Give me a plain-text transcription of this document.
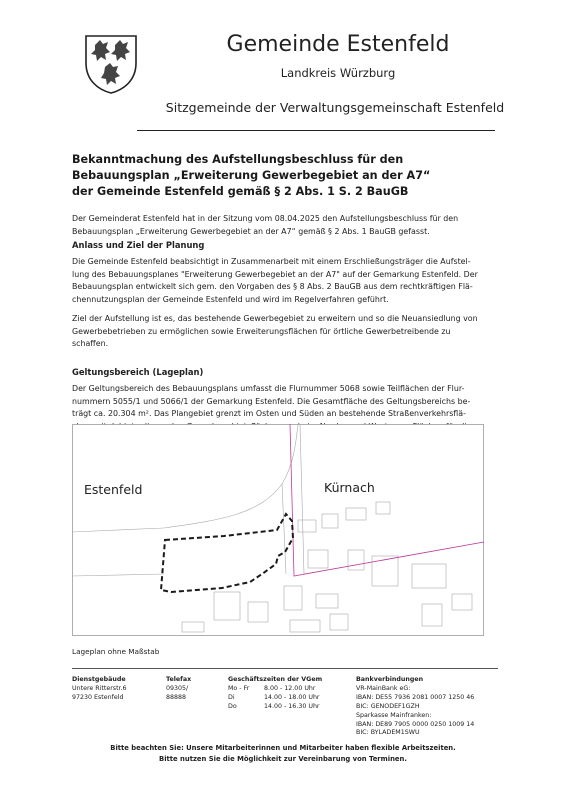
Gemeinde Estenfeld
Landkreis Würzburg
Sitzgemeinde der Verwaltungsgemeinschaft Estenfeld
Bekanntmachung des Aufstellungsbeschluss für den
Bebauungsplan „Erweiterung Gewerbegebiet an der A7“
der Gemeinde Estenfeld gemäß § 2 Abs. 1 S. 2 BauGB
Der Gemeinderat Estenfeld hat in der Sitzung vom 08.04.2025 den Aufstellungsbeschluss für den
Bebauungsplan „Erweiterung Gewerbegebiet an der A7“ gemäß § 2 Abs. 1 BauGB gefasst.
Anlass und Ziel der Planung
Die Gemeinde Estenfeld beabsichtigt in Zusammenarbeit mit einem Erschließungsträger die Aufstel-
lung des Bebauungsplanes "Erweiterung Gewerbegebiet an der A7" auf der Gemarkung Estenfeld. Der
Bebauungsplan entwickelt sich gem. den Vorgaben des § 8 Abs. 2 BauGB aus dem rechtkräftigen Flä-
chennutzungsplan der Gemeinde Estenfeld und wird im Regelverfahren geführt.
Ziel der Aufstellung ist es, das bestehende Gewerbegebiet zu erweitern und so die Neuansiedlung von
Gewerbebetrieben zu ermöglichen sowie Erweiterungsflächen für örtliche Gewerbetreibende zu
schaffen.
Geltungsbereich (Lageplan)
Der Geltungsbereich des Bebauungsplans umfasst die Flurnummer 5068 sowie Teilflächen der Flur-
nummern 5055/1 und 5066/1 der Gemarkung Estenfeld. Die Gesamtfläche des Geltungsbereichs be-
trägt ca. 20.304 m². Das Plangebiet grenzt im Osten und Süden an bestehende Straßenverkehrsflä-
Estenfeld	Kürnach
Lageplan ohne Maßstab
Dienstgebäude
Untere Ritterstr.6
97230 Estenfeld
Telefax
09305/
88888
Geschäftszeiten der VGem
Mo - Fr	8.00 - 12.00 Uhr
Di	14.00 - 18.00 Uhr
Do	14.00 - 16.30 Uhr
Bankverbindungen
VR-MainBank eG:
IBAN: DE55 7936 2081 0007 1250 46
BIC: GENODEF1GZH
Sparkasse Mainfranken:
IBAN: DE89 7905 0000 0250 1009 14
BIC: BYLADEM1SWU
Bitte beachten Sie: Unsere Mitarbeiterinnen und Mitarbeiter haben flexible Arbeitszeiten.
Bitte nutzen Sie die Möglichkeit zur Vereinbarung von Terminen.
